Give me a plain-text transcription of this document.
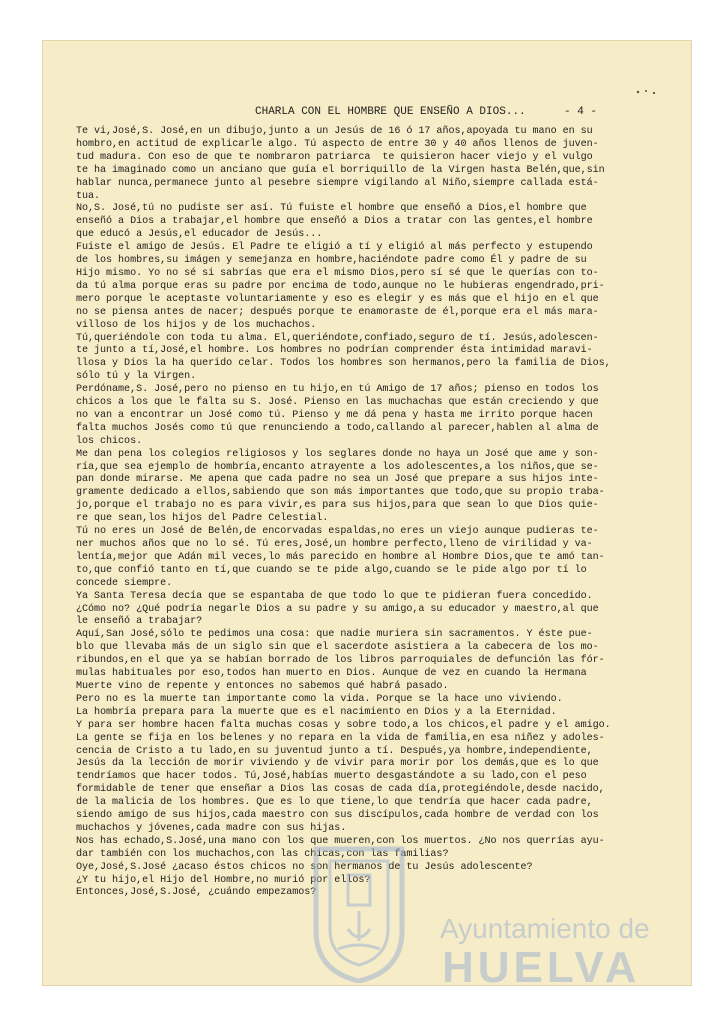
CHARLA CON EL HOMBRE QUE ENSEÑO A DIOS...	- 4 -
Te vi,José,S. José,en un dibujo,junto a un Jesús de 16 ó 17 años,apoyada tu mano en su
hombro,en actitud de explicarle algo. Tú aspecto de entre 30 y 40 años llenos de juven-
tud madura. Con eso de que te nombraron patriarca  te quisieron hacer viejo y el vulgo
te ha imaginado como un anciano que guía el borriquillo de la Virgen hasta Belén,que,sin
hablar nunca,permanece junto al pesebre siempre vigilando al Niño,siempre callada está-
tua.
No,S. José,tú no pudiste ser así. Tú fuiste el hombre que enseñó a Dios,el hombre que
enseñó a Dios a trabajar,el hombre que enseñó a Dios a tratar con las gentes,el hombre
que educó a Jesús,el educador de Jesús...
Fuiste el amigo de Jesús. El Padre te eligió a tí y eligió al más perfecto y estupendo
de los hombres,su imágen y semejanza en hombre,haciéndote padre como Él y padre de su
Hijo mismo. Yo no sé si sabrías que era el mismo Dios,pero sí sé que le querías con to-
da tú alma porque eras su padre por encima de todo,aunque no le hubieras engendrado,pri-
mero porque le aceptaste voluntariamente y eso es elegir y es más que el hijo en el que
no se piensa antes de nacer; después porque te enamoraste de él,porque era el más mara-
villoso de los hijos y de los muchachos.
Tú,queriéndole con toda tu alma. El,queriéndote,confiado,seguro de tí. Jesús,adolescen-
te junto a tí,José,el hombre. Los hombres no podrían comprender ésta intimidad maravi-
llosa y Dios la ha querido celar. Todos los hombres son hermanos,pero la familia de Dios,
sólo tú y la Virgen.
Perdóname,S. José,pero no pienso en tu hijo,en tú Amigo de 17 años; pienso en todos los
chicos a los que le falta su S. José. Pienso en las muchachas que están creciendo y que
no van a encontrar un José como tú. Pienso y me dá pena y hasta me irrito porque hacen
falta muchos Josés como tú que renunciendo a todo,callando al parecer,hablen al alma de
los chicos.
Me dan pena los colegios religiosos y los seglares donde no haya un José que ame y son-
ría,que sea ejemplo de hombría,encanto atrayente a los adolescentes,a los niños,que se-
pan donde mirarse. Me apena que cada padre no sea un José que prepare a sus hijos inte-
gramente dedicado a ellos,sabiendo que son más importantes que todo,que su propio traba-
jo,porque el trabajo no es para vivir,es para sus hijos,para que sean lo que Dios quie-
re que sean,los hijos del Padre Celestial.
Tú no eres un José de Belén,de encorvadas espaldas,no eres un viejo aunque pudieras te-
ner muchos años que no lo sé. Tú eres,José,un hombre perfecto,lleno de virilidad y va-
lentía,mejor que Adán mil veces,lo más parecido en hombre al Hombre Dios,que te amó tan-
to,que confió tanto en tí,que cuando se te pide algo,cuando se le pide algo por tí lo
concede siempre.
Ya Santa Teresa decía que se espantaba de que todo lo que te pidieran fuera concedido.
¿Cómo no? ¿Qué podría negarle Dios a su padre y su amigo,a su educador y maestro,al que
le enseñó a trabajar?
Aquí,San José,sólo te pedimos una cosa: que nadie muriera sin sacramentos. Y éste pue-
blo que llevaba más de un siglo sin que el sacerdote asistiera a la cabecera de los mo-
ribundos,en el que ya se habían borrado de los libros parroquiales de defunción las fór-
mulas habituales por eso,todos han muerto en Dios. Aunque de vez en cuando la Hermana
Muerte vino de repente y entonces no sabemos qué habrá pasado.
Pero no es la muerte tan importante como la vida. Porque se la hace uno viviendo.
La hombría prepara para la muerte que es el nacimiento en Dios y a la Eternidad.
Y para ser hombre hacen falta muchas cosas y sobre todo,a los chicos,el padre y el amigo.
La gente se fija en los belenes y no repara en la vida de familia,en esa niñez y adoles-
cencia de Cristo a tu lado,en su juventud junto a tí. Después,ya hombre,independiente,
Jesús da la lección de morir viviendo y de vivir para morir por los demás,que es lo que
tendríamos que hacer todos. Tú,José,habías muerto desgastándote a su lado,con el peso
formidable de tener que enseñar a Dios las cosas de cada día,protegiéndole,desde nacido,
de la malicia de los hombres. Que es lo que tiene,lo que tendría que hacer cada padre,
siendo amigo de sus hijos,cada maestro con sus discípulos,cada hombre de verdad con los
muchachos y jóvenes,cada madre con sus hijas.
Nos has echado,S.José,una mano con los que mueren,con los muertos. ¿No nos querrías ayu-
dar también con los muchachos,con las chicas,con las familias?
Oye,José,S.José ¿acaso éstos chicos no son hermanos de tu Jesús adolescente?
¿Y tu hijo,el Hijo del Hombre,no murió por ellos?
Entonces,José,S.José, ¿cuándo empezamos?
Ayuntamiento de
HUELVA
